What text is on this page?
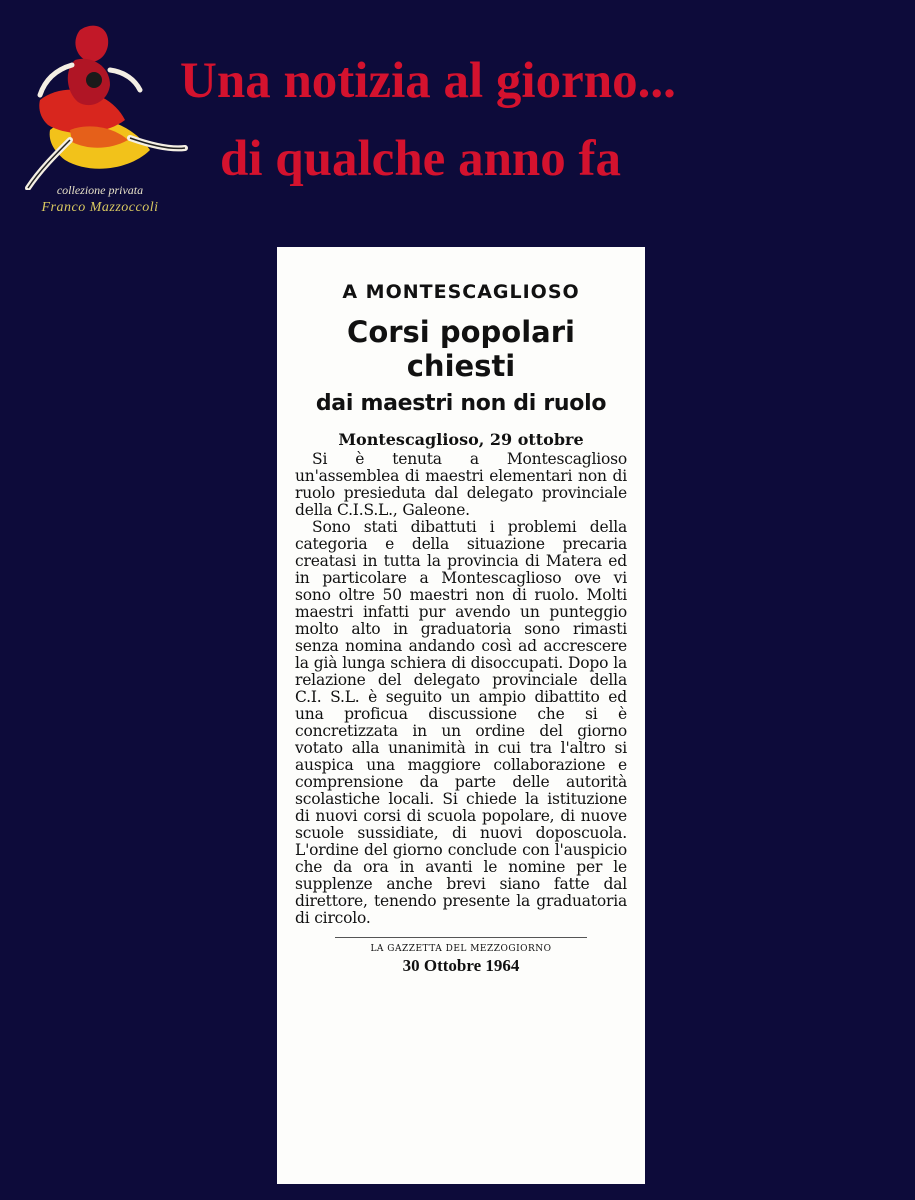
collezione privata
Franco Mazzoccoli
Una notizia al giorno...
di qualche anno fa
A MONTESCAGLIOSO
Corsi popolari
chiesti
dai maestri non di ruolo
Montescaglioso, 29 ottobre

Si è tenuta a Montescaglioso un'assemblea di maestri elementari non di ruolo presieduta dal delegato provinciale della C.I.S.L., Galeone.

Sono stati dibattuti i problemi della categoria e della situazione precaria creatasi in tutta la provincia di Matera ed in particolare a Montescaglioso ove vi sono oltre 50 maestri non di ruolo. Molti maestri infatti pur avendo un punteggio molto alto in graduatoria sono rimasti senza nomina andando così ad accrescere la già lunga schiera di disoccupati. Dopo la relazione del delegato provinciale della C.I. S.L. è seguito un ampio dibattito ed una proficua discussione che si è concretizzata in un ordine del giorno votato alla unanimità in cui tra l'altro si auspica una maggiore collaborazione e comprensione da parte delle autorità scolastiche locali. Si chiede la istituzione di nuovi corsi di scuola popolare, di nuove scuole sussidiate, di nuovi doposcuola. L'ordine del giorno conclude con l'auspicio che da ora in avanti le nomine per le supplenze anche brevi siano fatte dal direttore, tenendo presente la graduatoria di circolo.

LA GAZZETTA DEL MEZZOGIORNO
30 Ottobre 1964
